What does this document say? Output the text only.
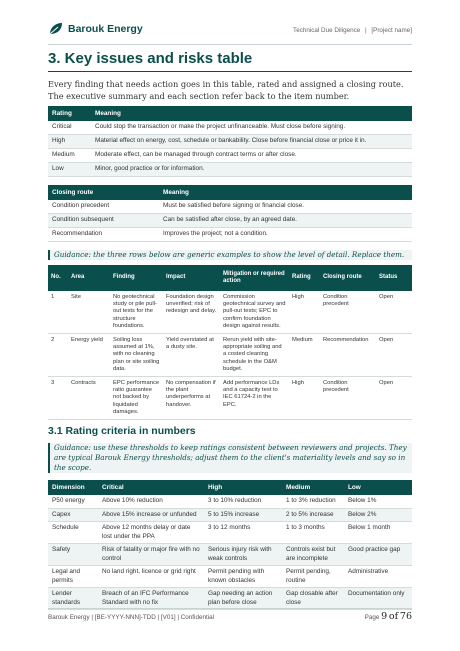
Barouk Energy	Technical Due Diligence | [Project name]
3. Key issues and risks table

Every finding that needs action goes in this table, rated and assigned a closing route. The executive summary and each section refer back to the item number.

Rating	Meaning
Critical	Could stop the transaction or make the project unfinanceable. Must close before signing.
High	Material effect on energy, cost, schedule or bankability. Close before financial close or price it in.
Medium	Moderate effect, can be managed through contract terms or after close.
Low	Minor, good practice or for information.
Closing route	Meaning
Condition precedent	Must be satisfied before signing or financial close.
Condition subsequent	Can be satisfied after close, by an agreed date.
Recommendation	Improves the project; not a condition.
Guidance: the three rows below are generic examples to show the level of detail. Replace them.
No.	Area	Finding	Impact	Mitigation or required action	Rating	Closing route	Status
1	Site	No geotechnical study or pile pull-out tests for the structure foundations.	Foundation design unverified; risk of redesign and delay.	Commission geotechnical survey and pull-out tests; EPC to confirm foundation design against results.	High	Condition precedent	Open
2	Energy yield	Soiling loss assumed at 1%, with no cleaning plan or site soiling data.	Yield overstated at a dusty site.	Rerun yield with site-appropriate soiling and a costed cleaning schedule in the O&M budget.	Medium	Recommendation	Open
3	Contracts	EPC performance ratio guarantee not backed by liquidated damages.	No compensation if the plant underperforms at handover.	Add performance LDs and a capacity test to IEC 61724-2 in the EPC.	High	Condition precedent	Open
3.1 Rating criteria in numbers
Guidance: use these thresholds to keep ratings consistent between reviewers and projects. They are typical Barouk Energy thresholds; adjust them to the client's materiality levels and say so in the scope.
Dimension	Critical	High	Medium	Low
P50 energy	Above 10% reduction	3 to 10% reduction	1 to 3% reduction	Below 1%
Capex	Above 15% increase or unfunded	5 to 15% increase	2 to 5% increase	Below 2%
Schedule	Above 12 months delay or date lost under the PPA	3 to 12 months	1 to 3 months	Below 1 month
Safety	Risk of fatality or major fire with no control	Serious injury risk with weak controls	Controls exist but are incomplete	Good practice gap
Legal and permits	No land right, licence or grid right	Permit pending with known obstacles	Permit pending, routine	Administrative
Lender standards	Breach of an IFC Performance Standard with no fix	Gap needing an action plan before close	Gap closable after close	Documentation only
Barouk Energy | [BE-YYYY-NNN]-TDD | [V01] | Confidential	Page 9 of 76
